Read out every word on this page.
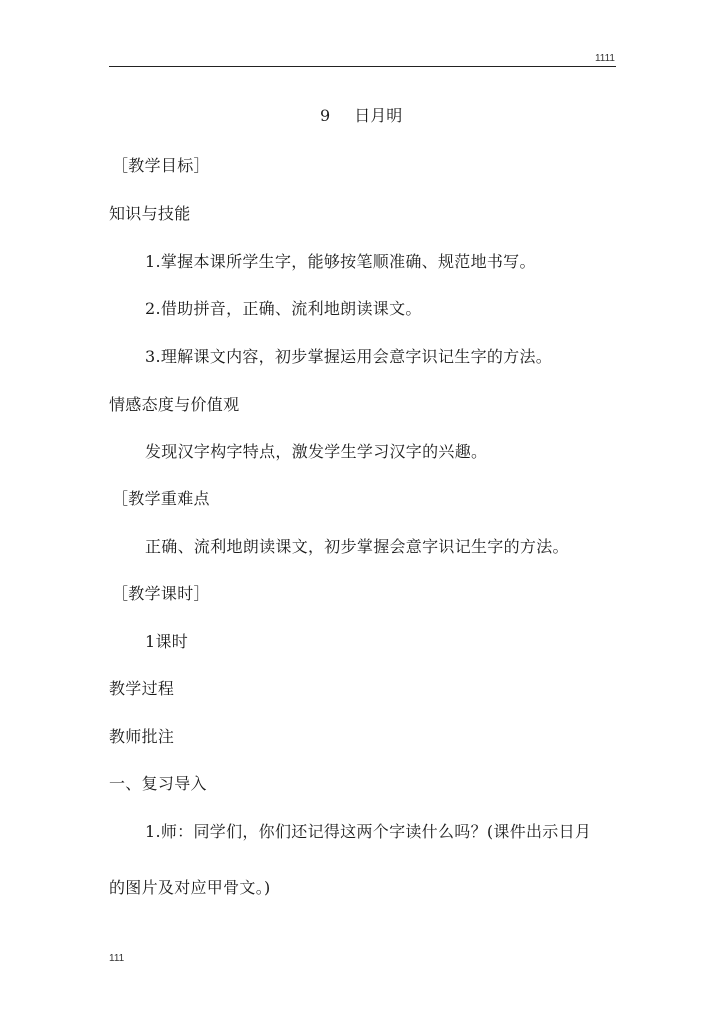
1111
9 日月明
［教学目标］
知识与技能
1.掌握本课所学生字，能够按笔顺准确、规范地书写。
2.借助拼音，正确、流利地朗读课文。
3.理解课文内容，初步掌握运用会意字识记生字的方法。
情感态度与价值观
发现汉字构字特点，激发学生学习汉字的兴趣。
［教学重难点
正确、流利地朗读课文，初步掌握会意字识记生字的方法。
［教学课时］
1课时
教学过程
教师批注
一、复习导入
1.师：同学们，你们还记得这两个字读什么吗？(课件出示日月
的图片及对应甲骨文。)
111
